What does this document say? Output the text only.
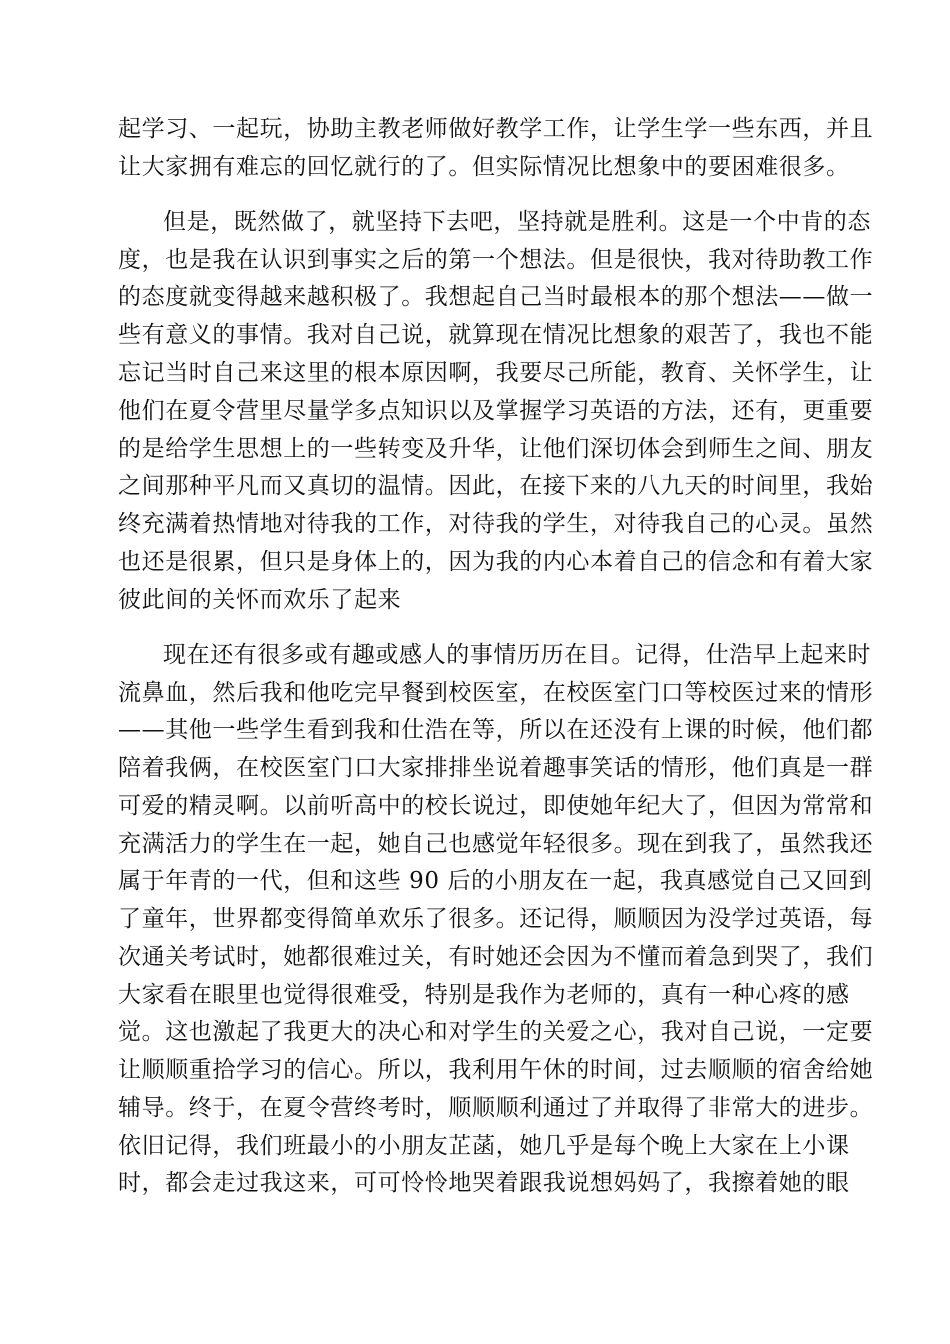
起学习、一起玩，协助主教老师做好教学工作，让学生学一些东西，并且
让大家拥有难忘的回忆就行的了。但实际情况比想象中的要困难很多。
但是，既然做了，就坚持下去吧，坚持就是胜利。这是一个中肯的态
度，也是我在认识到事实之后的第一个想法。但是很快，我对待助教工作
的态度就变得越来越积极了。我想起自己当时最根本的那个想法——做一
些有意义的事情。我对自己说，就算现在情况比想象的艰苦了，我也不能
忘记当时自己来这里的根本原因啊，我要尽己所能，教育、关怀学生，让
他们在夏令营里尽量学多点知识以及掌握学习英语的方法，还有，更重要
的是给学生思想上的一些转变及升华，让他们深切体会到师生之间、朋友
之间那种平凡而又真切的温情。因此，在接下来的八九天的时间里，我始
终充满着热情地对待我的工作，对待我的学生，对待我自己的心灵。虽然
也还是很累，但只是身体上的，因为我的内心本着自己的信念和有着大家
彼此间的关怀而欢乐了起来
现在还有很多或有趣或感人的事情历历在目。记得，仕浩早上起来时
流鼻血，然后我和他吃完早餐到校医室，在校医室门口等校医过来的情形
——其他一些学生看到我和仕浩在等，所以在还没有上课的时候，他们都
陪着我俩，在校医室门口大家排排坐说着趣事笑话的情形，他们真是一群
可爱的精灵啊。以前听高中的校长说过，即使她年纪大了，但因为常常和
充满活力的学生在一起，她自己也感觉年轻很多。现在到我了，虽然我还
属于年青的一代，但和这些 90 后的小朋友在一起，我真感觉自己又回到
了童年，世界都变得简单欢乐了很多。还记得，顺顺因为没学过英语，每
次通关考试时，她都很难过关，有时她还会因为不懂而着急到哭了，我们
大家看在眼里也觉得很难受，特别是我作为老师的，真有一种心疼的感
觉。这也激起了我更大的决心和对学生的关爱之心，我对自己说，一定要
让顺顺重拾学习的信心。所以，我利用午休的时间，过去顺顺的宿舍给她
辅导。终于，在夏令营终考时，顺顺顺利通过了并取得了非常大的进步。
依旧记得，我们班最小的小朋友芷菡，她几乎是每个晚上大家在上小课
时，都会走过我这来，可可怜怜地哭着跟我说想妈妈了，我擦着她的眼
